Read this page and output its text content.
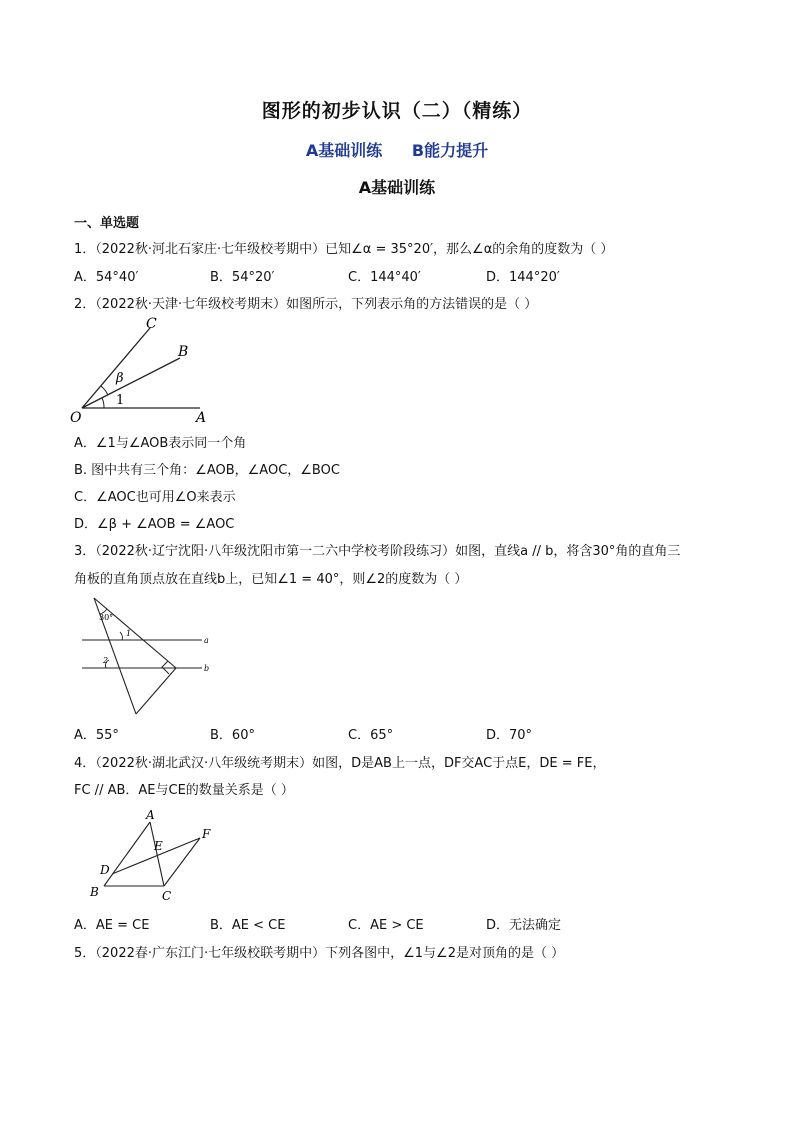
图形的初步认识（二）（精练）
A基础训练 B能力提升
A基础训练
一、单选题
1．（2022秋·河北石家庄·七年级校考期中）已知∠α = 35°20′，那么∠α的余角的度数为（ ）
A．54°40′	B．54°20′	C．144°40′	D．144°20′
2．（2022秋·天津·七年级校考期末）如图所示，下列表示角的方法错误的是（ ）
C
B
O	A
β
1
A．∠1与∠AOB表示同一个角
B. 图中共有三个角：∠AOB，∠AOC，∠BOC
C．∠AOC也可用∠O来表示
D．∠β + ∠AOB = ∠AOC
3．（2022秋·辽宁沈阳·八年级沈阳市第一二六中学校考阶段练习）如图，直线a // b，将含30°角的直角三
角板的直角顶点放在直线b上，已知∠1 = 40°，则∠2的度数为（ ）
30°
1
2
a
b
A．55°	B．60°	C．65°	D．70°
4．（2022秋·湖北武汉·八年级统考期末）如图，D是AB上一点，DF交AC于点E，DE = FE，
FC // AB．AE与CE的数量关系是（ ）
A
B	C
D
E
F
A．AE = CE	B．AE < CE	C．AE > CE	D．无法确定
5．（2022春·广东江门·七年级校联考期中）下列各图中，∠1与∠2是对顶角的是（ ）
